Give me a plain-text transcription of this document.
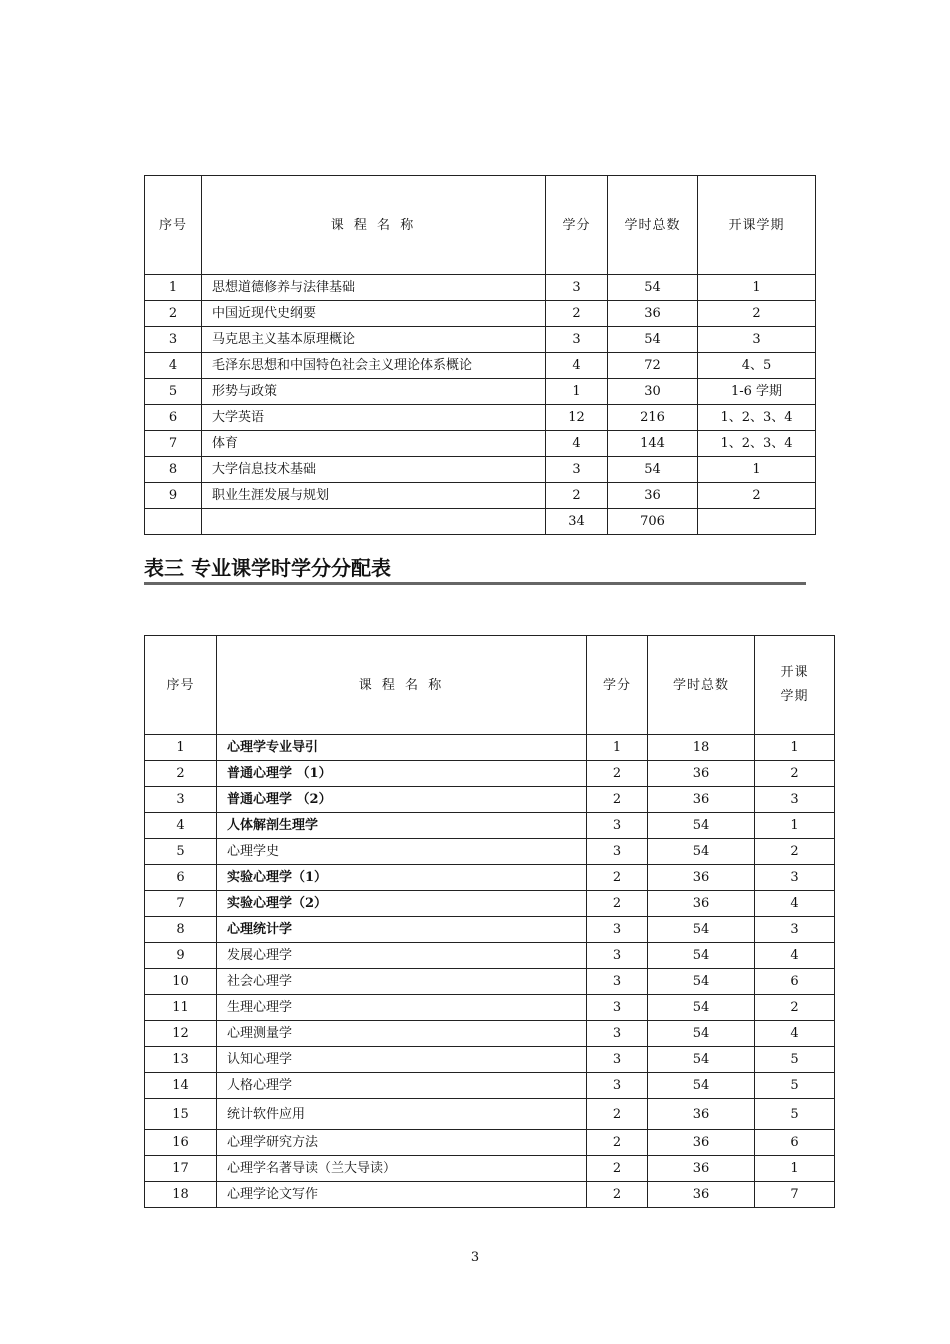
序号	课 程 名 称	学分	学时总数	开课学期
1	思想道德修养与法律基础	3	54	1
2	中国近现代史纲要	2	36	2
3	马克思主义基本原理概论	3	54	3
4	毛泽东思想和中国特色社会主义理论体系概论	4	72	4、5
5	形势与政策	1	30	1-6 学期
6	大学英语	12	216	1、2、3、4
7	体育	4	144	1、2、3、4
8	大学信息技术基础	3	54	1
9	职业生涯发展与规划	2	36	2
		34	706	
表三 专业课学时学分分配表
序号	课 程 名 称	学分	学时总数	开课
学期

1	心理学专业导引	1	18	1
2	普通心理学 （1）	2	36	2
3	普通心理学 （2）	2	36	3
4	人体解剖生理学	3	54	1
5	心理学史	3	54	2
6	实验心理学（1）	2	36	3
7	实验心理学（2）	2	36	4
8	心理统计学	3	54	3
9	发展心理学	3	54	4
10	社会心理学	3	54	6
11	生理心理学	3	54	2
12	心理测量学	3	54	4
13	认知心理学	3	54	5
14	人格心理学	3	54	5
15	统计软件应用	2	36	5
16	心理学研究方法	2	36	6
17	心理学名著导读（兰大导读）	2	36	1
18	心理学论文写作	2	36	7
3
